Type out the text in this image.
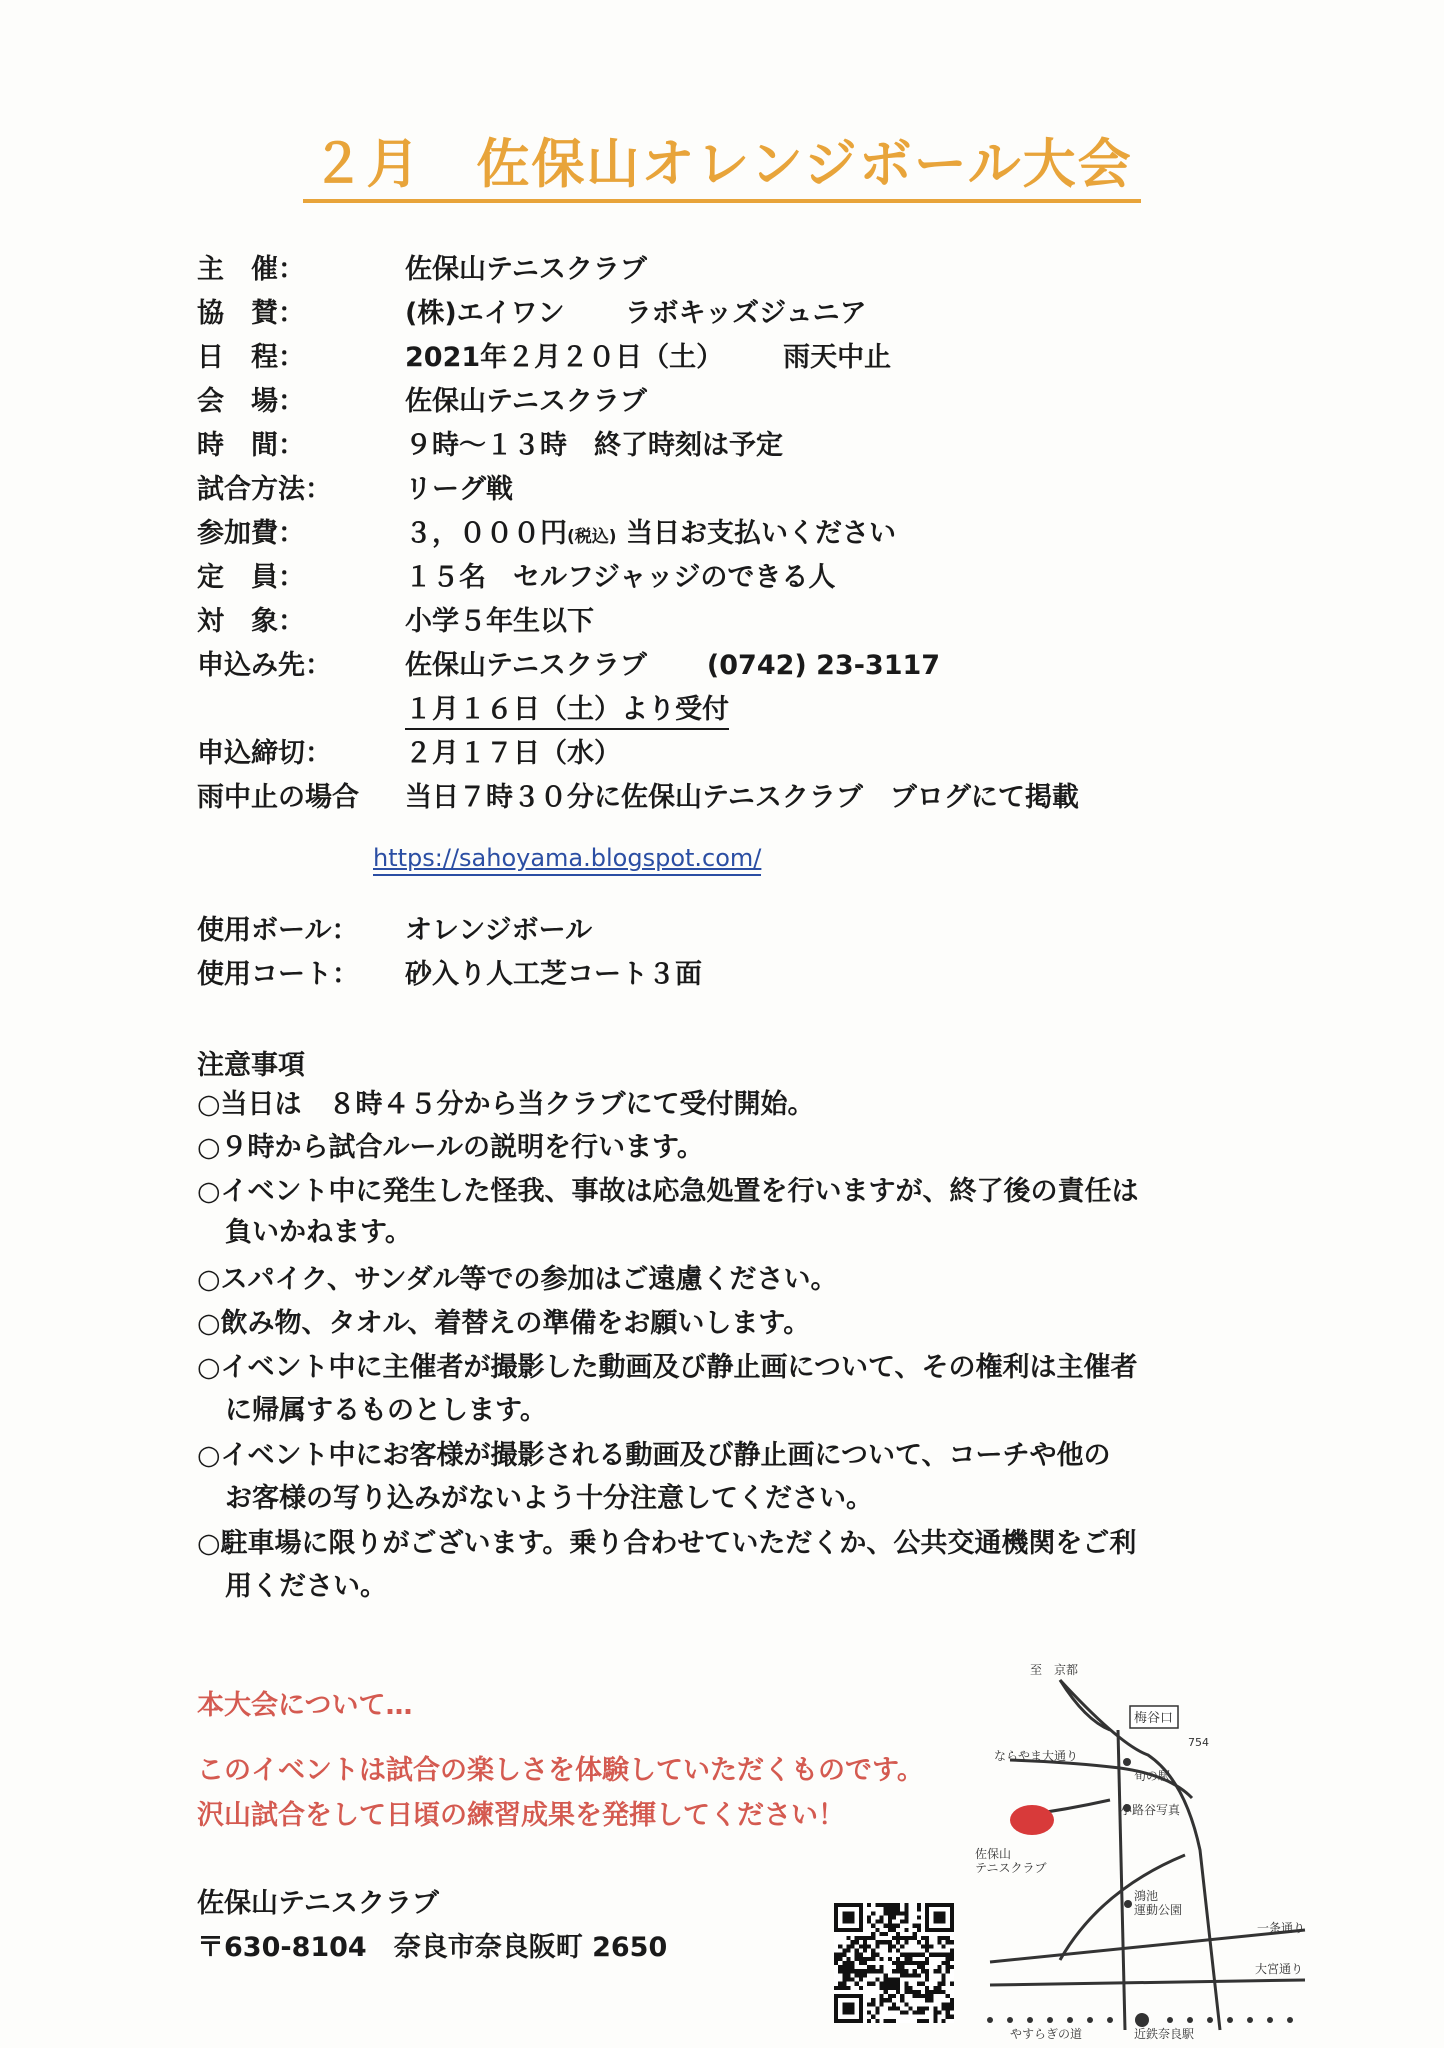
２月　佐保山オレンジボール大会
主　催：	佐保山テニスクラブ
協　賛：	(株)エイワン ラボキッズジュニア
日　程：	2021年２月２０日（土） 雨天中止
会　場：	佐保山テニスクラブ
時　間：	９時～１３時　終了時刻は予定
試合方法：	リーグ戦
参加費：	３，０００円(税込) 当日お支払いください
定　員：	１５名　セルフジャッジのできる人
対　象：	小学５年生以下
申込み先：	佐保山テニスクラブ (0742) 23-3117
１月１６日（土）より受付
申込締切：	２月１７日（水）
雨中止の場合 当日７時３０分に佐保山テニスクラブ　ブログにて掲載
https://sahoyama.blogspot.com/
使用ボール： オレンジボール
使用コート： 砂入り人工芝コート３面
注意事項
○当日は　８時４５分から当クラブにて受付開始。
○９時から試合ルールの説明を行います。
○イベント中に発生した怪我、事故は応急処置を行いますが、終了後の責任は
負いかねます。
○スパイク、サンダル等での参加はご遠慮ください。
○飲み物、タオル、着替えの準備をお願いします。
○イベント中に主催者が撮影した動画及び静止画について、その権利は主催者
に帰属するものとします。
○イベント中にお客様が撮影される動画及び静止画について、コーチや他の
お客様の写り込みがないよう十分注意してください。
○駐車場に限りがございます。乗り合わせていただくか、公共交通機関をご利
用ください。
本大会について…
このイベントは試合の楽しさを体験していただくものです。
沢山試合をして日頃の練習成果を発揮してください！
佐保山テニスクラブ
〒630-8104　奈良市奈良阪町 2650
至　京都
梅谷口
754
ならやま大通り
旬の駅
小路谷写真
佐保山
テニスクラブ
鴻池
運動公園
一条通り
大宮通り
やすらぎの道	近鉄奈良駅
